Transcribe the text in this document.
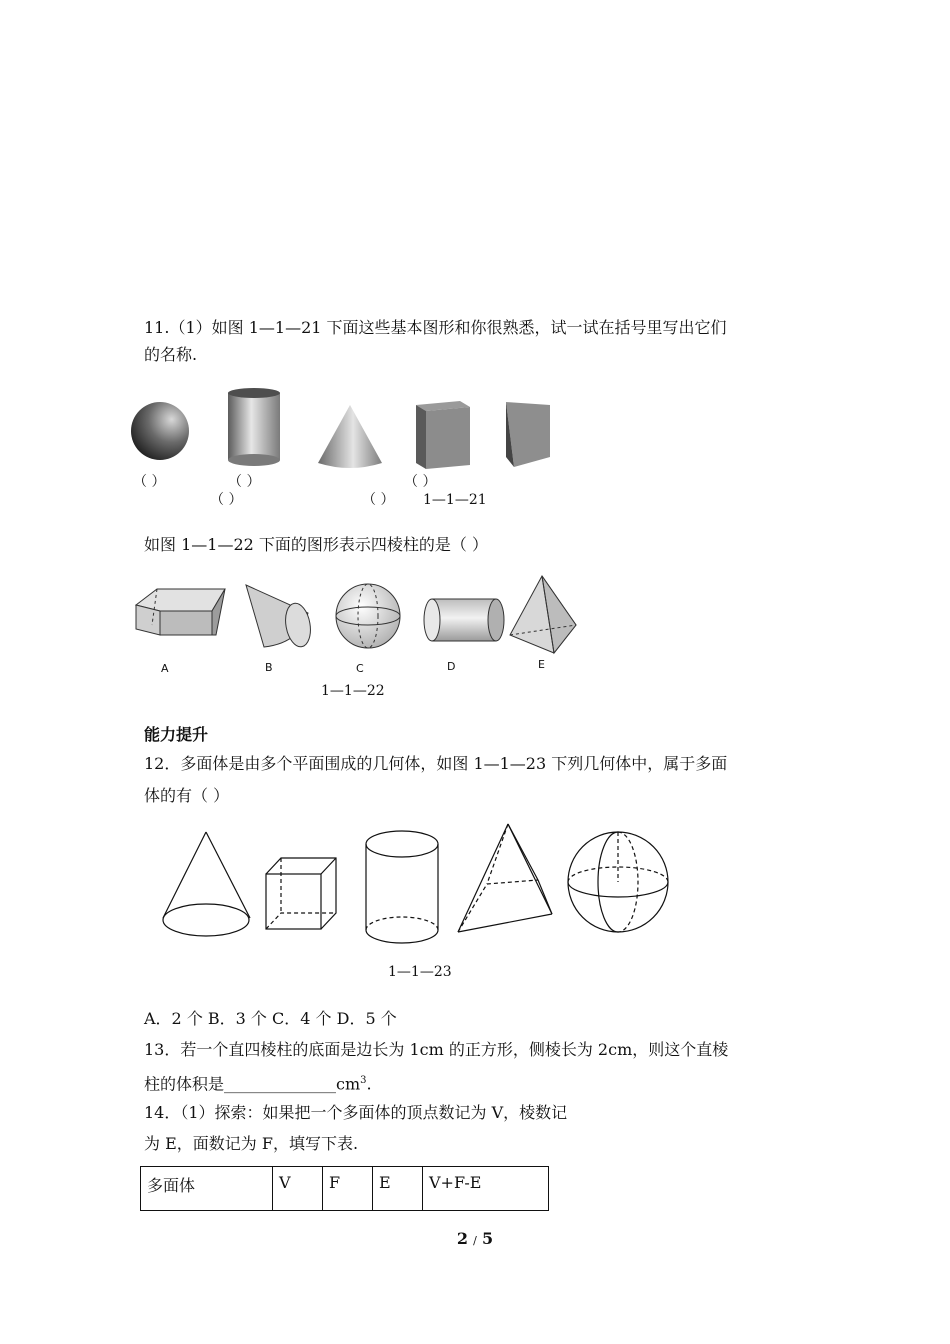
11.（1）如图 1—1—21 下面这些基本图形和你很熟悉，试一试在括号里写出它们
的名称.
（ ）	（ ）	（ ）
（ ）	（ ） 1—1—21
如图 1—1—22 下面的图形表示四棱柱的是（ ）
A	B	C	D	E
1—1—22
能力提升
12．多面体是由多个平面围成的几何体，如图 1—1—23 下列几何体中，属于多面
体的有（ ）
1—1—23
A．2 个 B．3 个 C．4 个 D．5 个
13．若一个直四棱柱的底面是边长为 1cm 的正方形，侧棱长为 2cm，则这个直棱
柱的体积是$\_\_\_\_\_\_\_\_\_\_\_\_\_\_cm^3$.
14．（1）探索：如果把一个多面体的顶点数记为 V，棱数记
为 E，面数记为 F，填写下表.
多面体	V	F	E	V+F-E
2 / 5
